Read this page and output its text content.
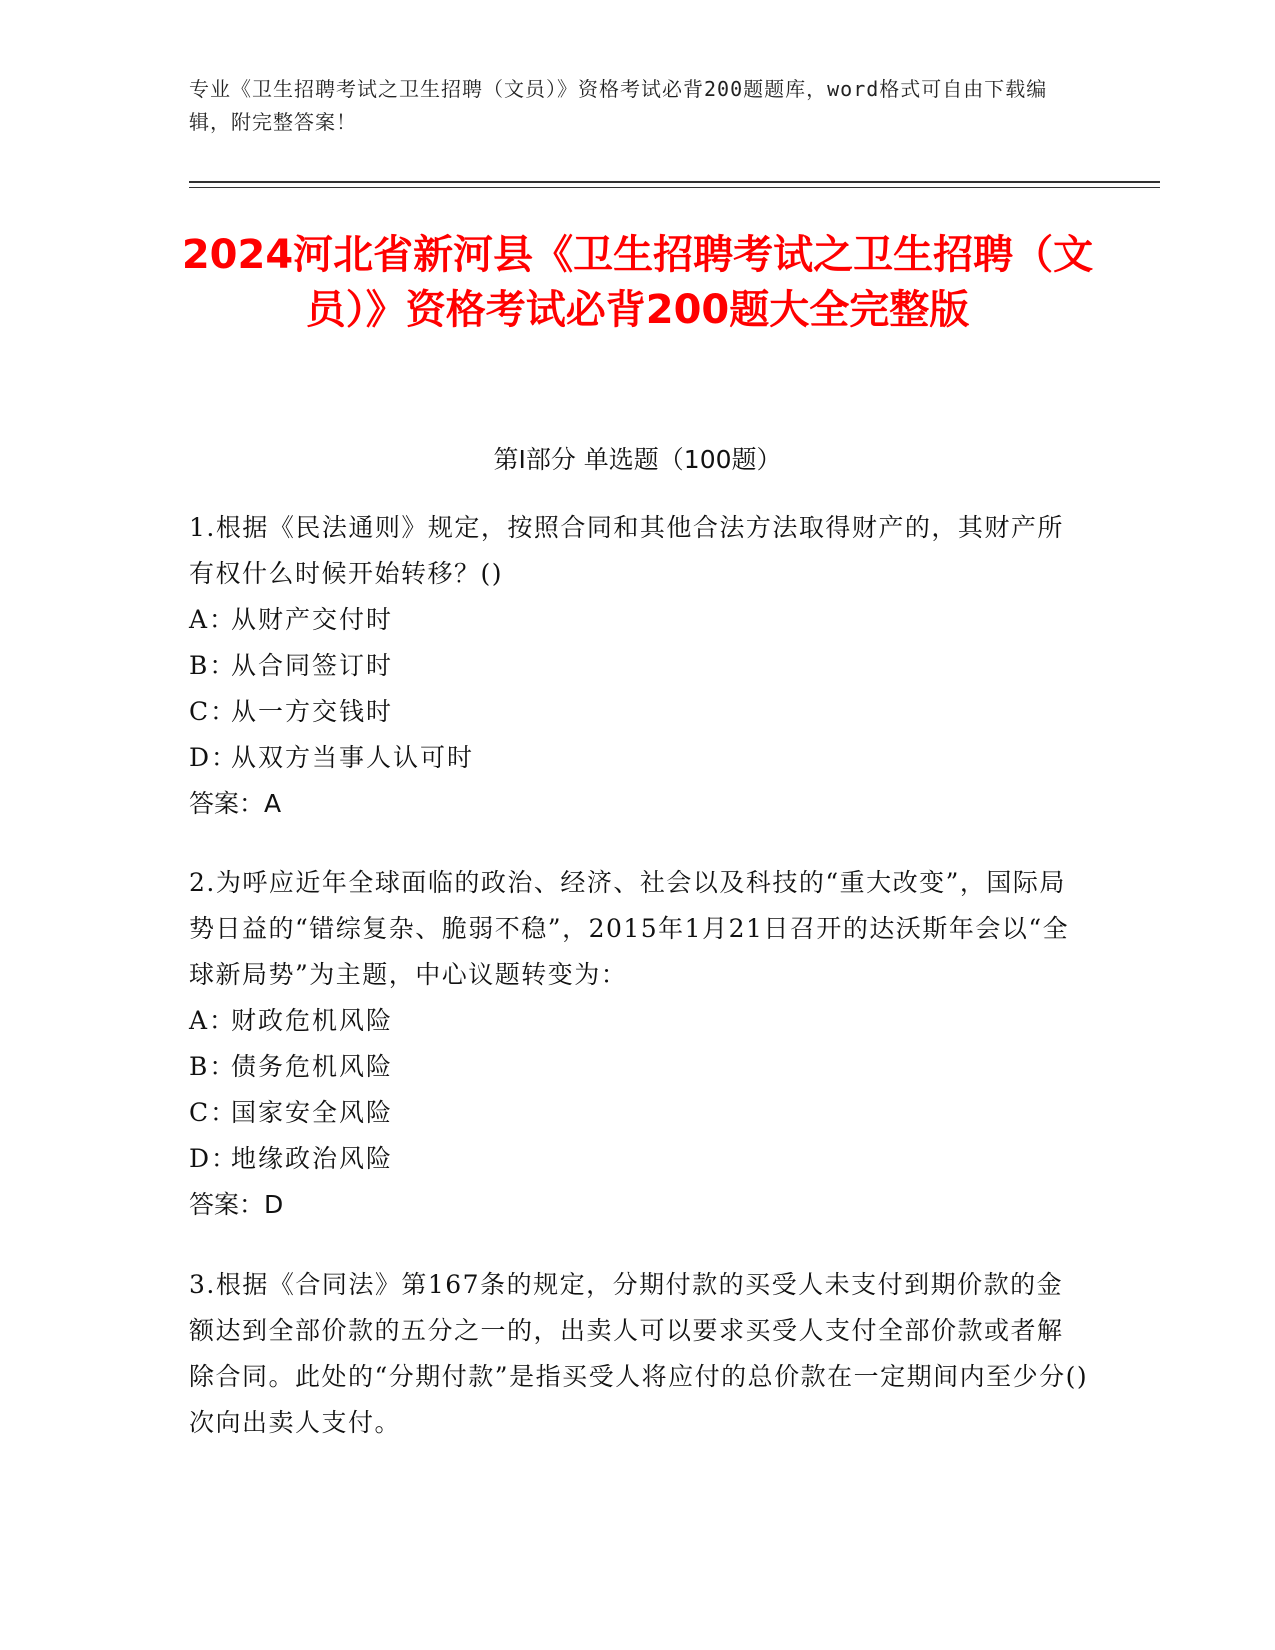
专业《卫生招聘考试之卫生招聘（文员）》资格考试必背200题题库，word格式可自由下载编辑，附完整答案！
2024河北省新河县《卫生招聘考试之卫生招聘（文员）》资格考试必背200题大全完整版
第I部分 单选题（100题）

1.根据《民法通则》规定，按照合同和其他合法方法取得财产的，其财产所有权什么时候开始转移？()

A：从财产交付时

B：从合同签订时

C：从一方交钱时

D：从双方当事人认可时

答案：A

2.为呼应近年全球面临的政治、经济、社会以及科技的“重大改变”，国际局势日益的“错综复杂、脆弱不稳”，2015年1月21日召开的达沃斯年会以“全球新局势”为主题，中心议题转变为：

A：财政危机风险

B：债务危机风险

C：国家安全风险

D：地缘政治风险

答案：D

3.根据《合同法》第167条的规定，分期付款的买受人未支付到期价款的金额达到全部价款的五分之一的，出卖人可以要求买受人支付全部价款或者解除合同。此处的“分期付款”是指买受人将应付的总价款在一定期间内至少分()次向出卖人支付。
